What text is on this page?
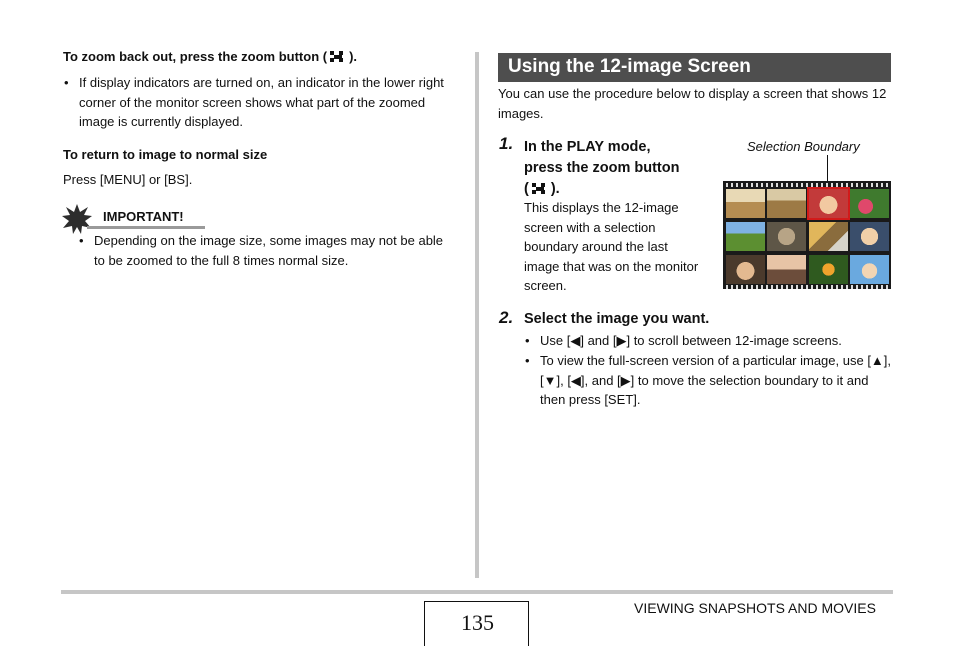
To zoom back out, press the zoom button ( ).
• If display indicators are turned on, an indicator in the lower right corner of the monitor screen shows what part of the zoomed image is currently displayed.
To return to image to normal size
Press [MENU] or [BS].
IMPORTANT!
• Depending on the image size, some images may not be able to be zoomed to the full 8 times normal size.
Using the 12-image Screen
You can use the procedure below to display a screen that shows 12 images.
1. In the PLAY mode,
press the zoom button
( ).
This displays the 12-image screen with a selection boundary around the last image that was on the monitor screen.
Selection Boundary
2. Select the image you want.
• Use [◀] and [▶] to scroll between 12-image screens.
• To view the full-screen version of a particular image, use [▲], [▼], [◀], and [▶] to move the selection boundary to it and then press [SET].
135
VIEWING SNAPSHOTS AND MOVIES
